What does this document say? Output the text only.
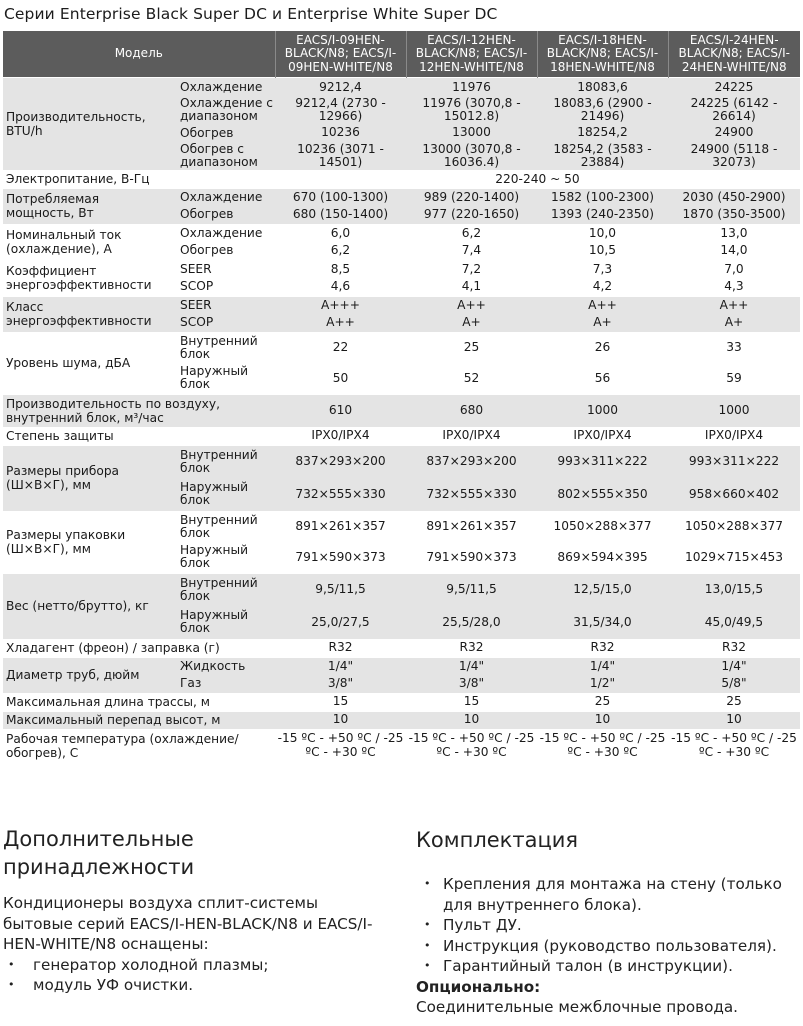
Серии Enterprise Black Super DC и Enterprise White Super DC
Модель		EACS/I-09HEN-BLACK/N8; EACS/I-09HEN-WHITE/N8	EACS/I-12HEN-BLACK/N8; EACS/I-12HEN-WHITE/N8	EACS/I-18HEN-BLACK/N8; EACS/I-18HEN-WHITE/N8	EACS/I-24HEN-BLACK/N8; EACS/I-24HEN-WHITE/N8
Производительность, BTU/h	Охлаждение	9212,4	11976	18083,6	24225
	Охлаждение с диапазоном	9212,4 (2730 - 12966)	11976 (3070,8 - 15012.8)	18083,6 (2900 - 21496)	24225 (6142 - 26614)
	Обогрев	10236	13000	18254,2	24900
	Обогрев с диапазоном	10236 (3071 - 14501)	13000 (3070,8 - 16036.4)	18254,2 (3583 - 23884)	24900 (5118 - 32073)
Электропитание, В-Гц		220-240 ~ 50			
Потребляемая мощность, Вт	Охлаждение	670 (100-1300)	989 (220-1400)	1582 (100-2300)	2030 (450-2900)
	Обогрев	680 (150-1400)	977 (220-1650)	1393 (240-2350)	1870 (350-3500)
Номинальный ток (охлаждение), А	Охлаждение	6,0	6,2	10,0	13,0
	Обогрев	6,2	7,4	10,5	14,0
Коэффициент энергоэффективности	SEER	8,5	7,2	7,3	7,0
	SCOP	4,6	4,1	4,2	4,3
Класс энергоэффективности	SEER	A+++	A++	A++	A++
	SCOP	A++	A+	A+	A+
Уровень шума, дБА	Внутренний блок	22	25	26	33
	Наружный блок	50	52	56	59
Производительность по воздуху, внутренний блок, м³/час		610	680	1000	1000
Степень защиты		IPX0/IPX4	IPX0/IPX4	IPX0/IPX4	IPX0/IPX4
Размеры прибора (Ш×В×Г), мм	Внутренний блок	837×293×200	837×293×200	993×311×222	993×311×222
	Наружный блок	732×555×330	732×555×330	802×555×350	958×660×402
Размеры упаковки (Ш×В×Г), мм	Внутренний блок	891×261×357	891×261×357	1050×288×377	1050×288×377
	Наружный блок	791×590×373	791×590×373	869×594×395	1029×715×453
Вес (нетто/брутто), кг	Внутренний блок	9,5/11,5	9,5/11,5	12,5/15,0	13,0/15,5
	Наружный блок	25,0/27,5	25,5/28,0	31,5/34,0	45,0/49,5
Хладагент (фреон) / заправка (г)		R32	R32	R32	R32
Диаметр труб, дюйм	Жидкость	1/4"	1/4"	1/4"	1/4"
	Газ	3/8"	3/8"	1/2"	5/8"
Максимальная длина трассы, м		15	15	25	25
Максимальный перепад высот, м		10	10	10	10
Рабочая температура (охлаждение/обогрев), С		-15 ºC - +50 ºC / -25 ºC - +30 ºC	-15 ºC - +50 ºC / -25 ºC - +30 ºC	-15 ºC - +50 ºC / -25 ºC - +30 ºC	-15 ºC - +50 ºC / -25 ºC - +30 ºC
Дополнительные принадлежности
Кондиционеры воздуха сплит-системы бытовые серий EACS/I-HEN-BLACK/N8 и EACS/I-HEN-WHITE/N8 оснащены:
• генератор холодной плазмы;
• модуль УФ очистки.
Комплектация
• Крепления для монтажа на стену (только для внутреннего блока).
• Пульт ДУ.
• Инструкция (руководство пользователя).
• Гарантийный талон (в инструкции).
Опционально:
Соединительные межблочные провода.
